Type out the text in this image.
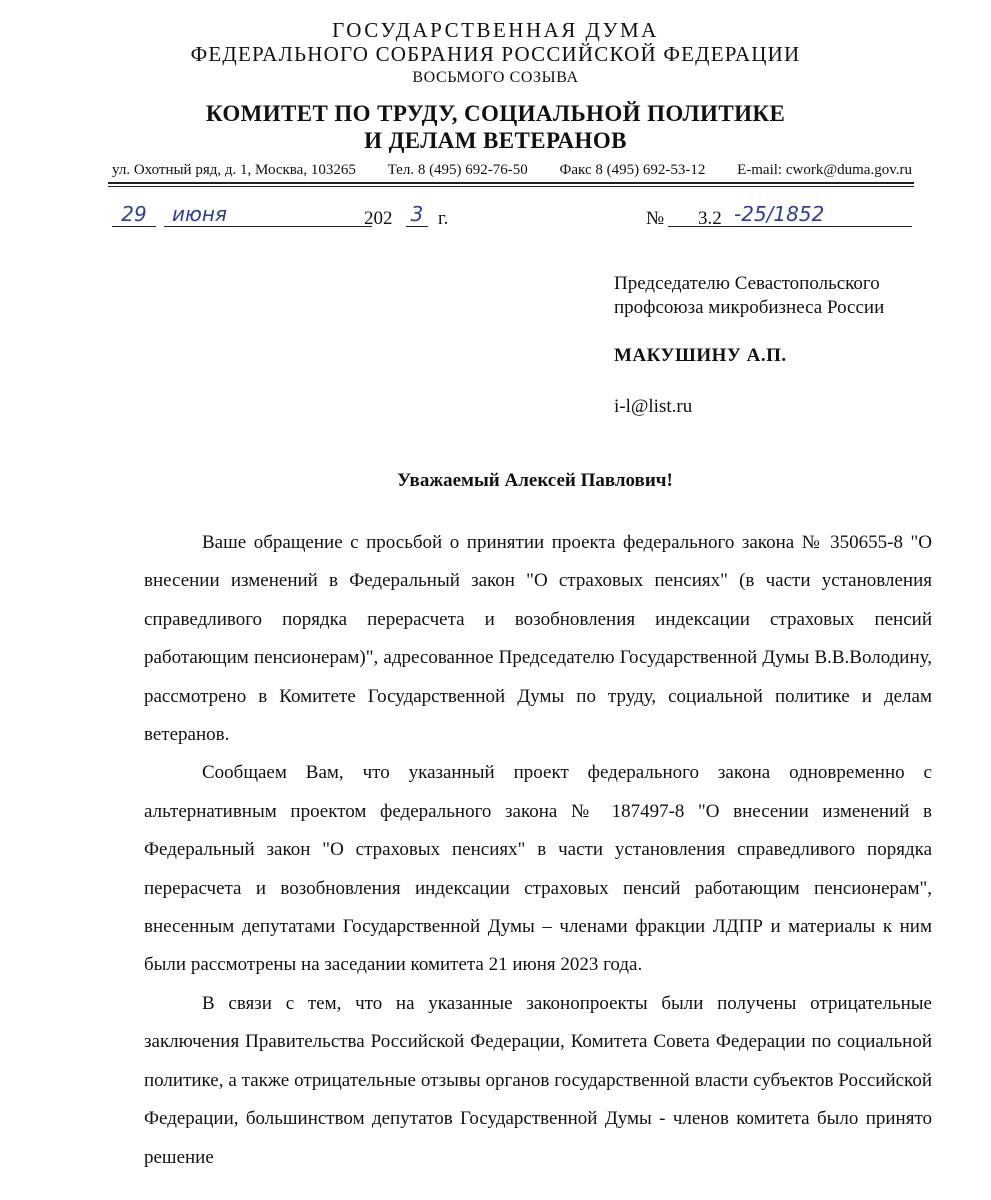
ГОСУДАРСТВЕННАЯ ДУМА
ФЕДЕРАЛЬНОГО СОБРАНИЯ РОССИЙСКОЙ ФЕДЕРАЦИИ
ВОСЬМОГО СОЗЫВА
КОМИТЕТ ПО ТРУДУ, СОЦИАЛЬНОЙ ПОЛИТИКЕ
И ДЕЛАМ ВЕТЕРАНОВ
ул. Охотный ряд, д. 1, Москва, 103265 Тел. 8 (495) 692-76-50 Факс 8 (495) 692-53-12 E-mail: cwork@duma.gov.ru
29	июня	202 3 г.	№ 3.2 -25/1852
Председателю Севастопольского
профсоюза микробизнеса России
МАКУШИНУ А.П.
i-l@list.ru
Уважаемый Алексей Павлович!

Ваше обращение с просьбой о принятии проекта федерального закона № 350655-8 "О внесении изменений в Федеральный закон "О страховых пенсиях" (в части установления справедливого порядка перерасчета и возобновления индексации страховых пенсий работающим пенсионерам)", адресованное Председателю Государственной Думы В.В.Володину, рассмотрено в Комитете Государственной Думы по труду, социальной политике и делам ветеранов.

Сообщаем Вам, что указанный проект федерального закона одновременно с альтернативным проектом федерального закона № 187497-8 "О внесении изменений в Федеральный закон "О страховых пенсиях" в части установления справедливого порядка перерасчета и возобновления индексации страховых пенсий работающим пенсионерам", внесенным депутатами Государственной Думы – членами фракции ЛДПР и материалы к ним были рассмотрены на заседании комитета 21 июня 2023 года.

В связи с тем, что на указанные законопроекты были получены отрицательные заключения Правительства Российской Федерации, Комитета Совета Федерации по социальной политике, а также отрицательные отзывы органов государственной власти субъектов Российской Федерации, большинством депутатов Государственной Думы - членов комитета было принято решение
